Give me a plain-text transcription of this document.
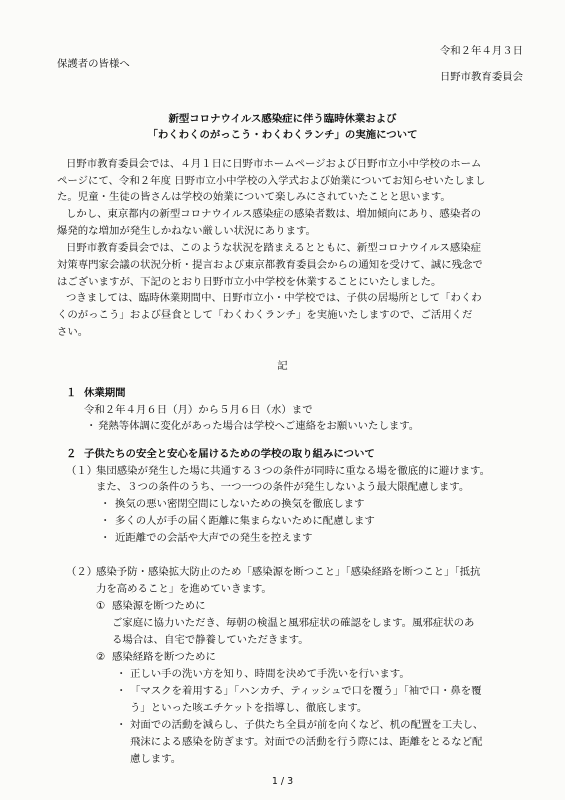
令和２年４月３日
保護者の皆様へ
日野市教育委員会
新型コロナウイルス感染症に伴う臨時休業および
「わくわくのがっこう・わくわくランチ」の実施について
日野市教育委員会では、４月１日に日野市ホームページおよび日野市立小中学校のホーム
ページにて、令和２年度 日野市立小中学校の入学式および始業についてお知らせいたしまし
た。児童・生徒の皆さんは学校の始業について楽しみにされていたことと思います。
しかし、東京都内の新型コロナウイルス感染症の感染者数は、増加傾向にあり、感染者の
爆発的な増加が発生しかねない厳しい状況にあります。
日野市教育委員会では、このような状況を踏まえるとともに、新型コロナウイルス感染症
対策専門家会議の状況分析・提言および東京都教育委員会からの通知を受けて、誠に残念で
はございますが、下記のとおり日野市立小中学校を休業することにいたしました。
つきましては、臨時休業期間中、日野市立小・中学校では、子供の居場所として「わくわ
くのがっこう」および昼食として「わくわくランチ」を実施いたしますので、ご活用くだ
さい。
記
１ 休業期間
令和２年４月６日（月）から５月６日（水）まで
・ 発熱等体調に変化があった場合は学校へご連絡をお願いいたします。
２ 子供たちの安全と安心を届けるための学校の取り組みについて
（１）
集団感染が発生した場に共通する３つの条件が同時に重なる場を徹底的に避けます。
また、３つの条件のうち、一つ一つの条件が発生しないよう最大限配慮します。
・ 換気の悪い密閉空間にしないための換気を徹底します
・ 多くの人が手の届く距離に集まらないために配慮します
・ 近距離での会話や大声での発生を控えます
（２）
感染予防・感染拡大防止のため「感染源を断つこと」「感染経路を断つこと」「抵抗
力を高めること」を進めていきます。
① 感染源を断つために
ご家庭に協力いただき、毎朝の検温と風邪症状の確認をします。風邪症状のあ
る場合は、自宅で静養していただきます。
② 感染経路を断つために
・ 正しい手の洗い方を知り、時間を決めて手洗いを行います。
・ 「マスクを着用する」「ハンカチ、ティッシュで口を覆う」「袖で口・鼻を覆
う」といった咳エチケットを指導し、徹底します。
・ 対面での活動を減らし、子供たち全員が前を向くなど、机の配置を工夫し、
飛沫による感染を防ぎます。対面での活動を行う際には、距離をとるなど配
慮します。
1 / 3
